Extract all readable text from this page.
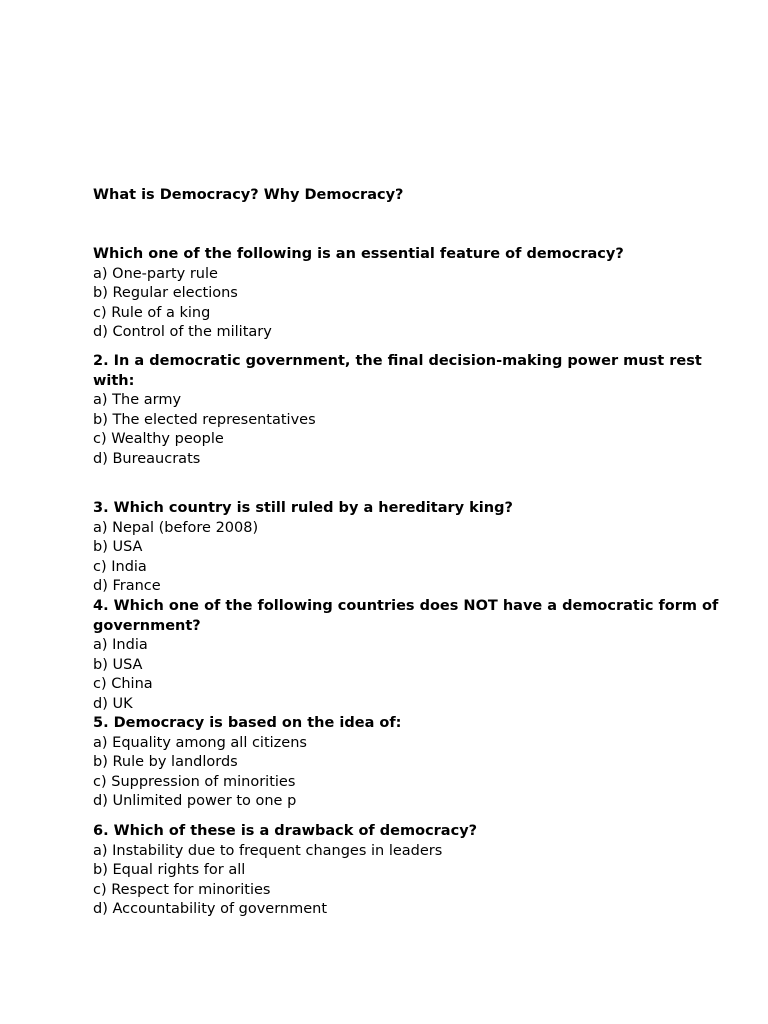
What is Democracy? Why Democracy?
Which one of the following is an essential feature of democracy?
a) One-party rule
b) Regular elections
c) Rule of a king
d) Control of the military
2. In a democratic government, the final decision-making power must rest with:
a) The army
b) The elected representatives
c) Wealthy people
d) Bureaucrats
3. Which country is still ruled by a hereditary king?
a) Nepal (before 2008)
b) USA
c) India
d) France
4. Which one of the following countries does NOT have a democratic form of government?
a) India
b) USA
c) China
d) UK
5. Democracy is based on the idea of:
a) Equality among all citizens
b) Rule by landlords
c) Suppression of minorities
d) Unlimited power to one p
6. Which of these is a drawback of democracy?
a) Instability due to frequent changes in leaders
b) Equal rights for all
c) Respect for minorities
d) Accountability of government
